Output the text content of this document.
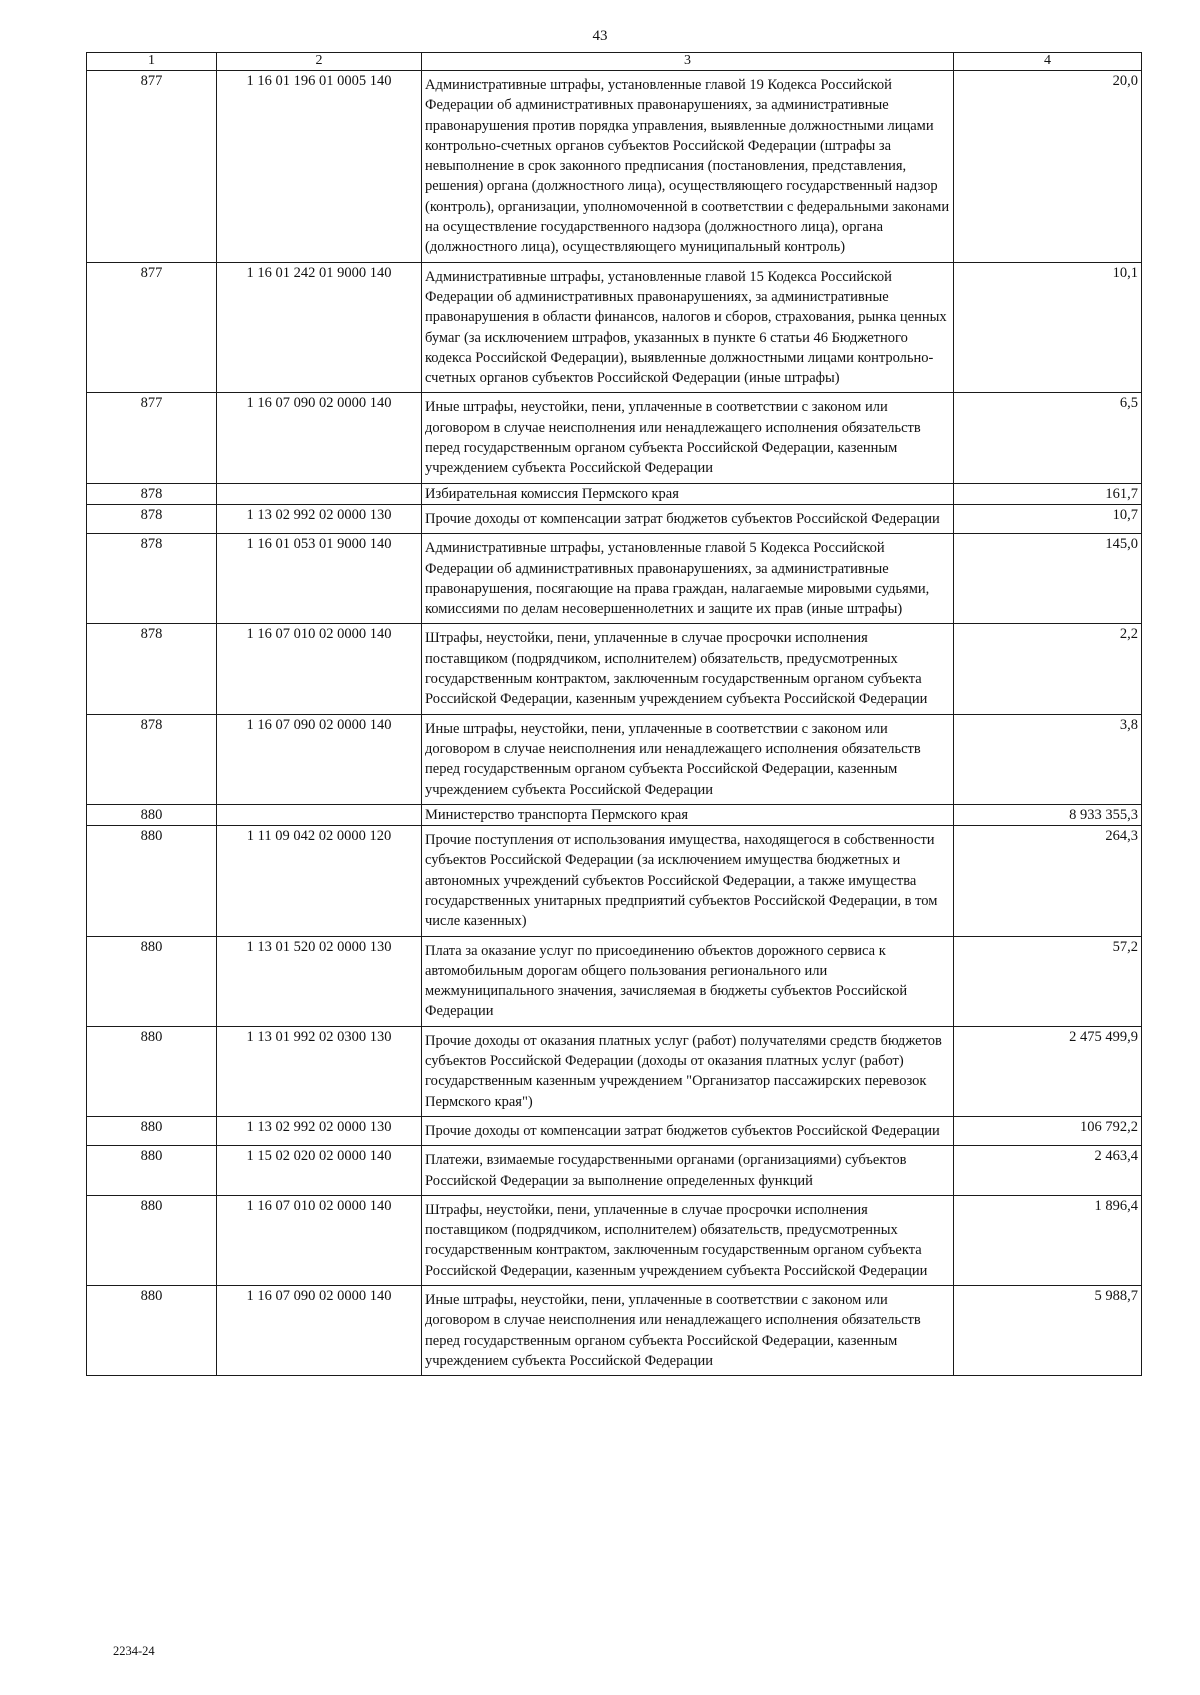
43
1	2	3	4
877	1 16 01 196 01 0005 140	Административные штрафы, установленные главой 19 Кодекса Российской Федерации об административных правонарушениях, за административные правонарушения против порядка управления, выявленные должностными лицами контрольно-счетных органов субъектов Российской Федерации (штрафы за невыполнение в срок законного предписания (постановления, представления, решения) органа (должностного лица), осуществляющего государственный надзор (контроль), организации, уполномоченной в соответствии с федеральными законами на осуществление государственного надзора (должностного лица), органа (должностного лица), осуществляющего муниципальный контроль)	20,0
877	1 16 01 242 01 9000 140	Административные штрафы, установленные главой 15 Кодекса Российской Федерации об административных правонарушениях, за административные правонарушения в области финансов, налогов и сборов, страхования, рынка ценных бумаг (за исключением штрафов, указанных в пункте 6 статьи 46 Бюджетного кодекса Российской Федерации), выявленные должностными лицами контрольно-счетных органов субъектов Российской Федерации (иные штрафы)	10,1
877	1 16 07 090 02 0000 140	Иные штрафы, неустойки, пени, уплаченные в соответствии с законом или договором в случае неисполнения или ненадлежащего исполнения обязательств перед государственным органом субъекта Российской Федерации, казенным учреждением субъекта Российской Федерации	6,5
878		Избирательная комиссия Пермского края	161,7
878	1 13 02 992 02 0000 130	Прочие доходы от компенсации затрат бюджетов субъектов Российской Федерации	10,7
878	1 16 01 053 01 9000 140	Административные штрафы, установленные главой 5 Кодекса Российской Федерации об административных правонарушениях, за административные правонарушения, посягающие на права граждан, налагаемые мировыми судьями, комиссиями по делам несовершеннолетних и защите их прав (иные штрафы)	145,0
878	1 16 07 010 02 0000 140	Штрафы, неустойки, пени, уплаченные в случае просрочки исполнения поставщиком (подрядчиком, исполнителем) обязательств, предусмотренных государственным контрактом, заключенным государственным органом субъекта Российской Федерации, казенным учреждением субъекта Российской Федерации	2,2
878	1 16 07 090 02 0000 140	Иные штрафы, неустойки, пени, уплаченные в соответствии с законом или договором в случае неисполнения или ненадлежащего исполнения обязательств перед государственным органом субъекта Российской Федерации, казенным учреждением субъекта Российской Федерации	3,8
880		Министерство транспорта Пермского края	8 933 355,3
880	1 11 09 042 02 0000 120	Прочие поступления от использования имущества, находящегося в собственности субъектов Российской Федерации (за исключением имущества бюджетных и автономных учреждений субъектов Российской Федерации, а также имущества государственных унитарных предприятий субъектов Российской Федерации, в том числе казенных)	264,3
880	1 13 01 520 02 0000 130	Плата за оказание услуг по присоединению объектов дорожного сервиса к автомобильным дорогам общего пользования регионального или межмуниципального значения, зачисляемая в бюджеты субъектов Российской Федерации	57,2
880	1 13 01 992 02 0300 130	Прочие доходы от оказания платных услуг (работ) получателями средств бюджетов субъектов Российской Федерации (доходы от оказания платных услуг (работ) государственным казенным учреждением "Организатор пассажирских перевозок Пермского края")	2 475 499,9
880	1 13 02 992 02 0000 130	Прочие доходы от компенсации затрат бюджетов субъектов Российской Федерации	106 792,2
880	1 15 02 020 02 0000 140	Платежи, взимаемые государственными органами (организациями) субъектов Российской Федерации за выполнение определенных функций	2 463,4
880	1 16 07 010 02 0000 140	Штрафы, неустойки, пени, уплаченные в случае просрочки исполнения поставщиком (подрядчиком, исполнителем) обязательств, предусмотренных государственным контрактом, заключенным государственным органом субъекта Российской Федерации, казенным учреждением субъекта Российской Федерации	1 896,4
880	1 16 07 090 02 0000 140	Иные штрафы, неустойки, пени, уплаченные в соответствии с законом или договором в случае неисполнения или ненадлежащего исполнения обязательств перед государственным органом субъекта Российской Федерации, казенным учреждением субъекта Российской Федерации	5 988,7
2234-24
